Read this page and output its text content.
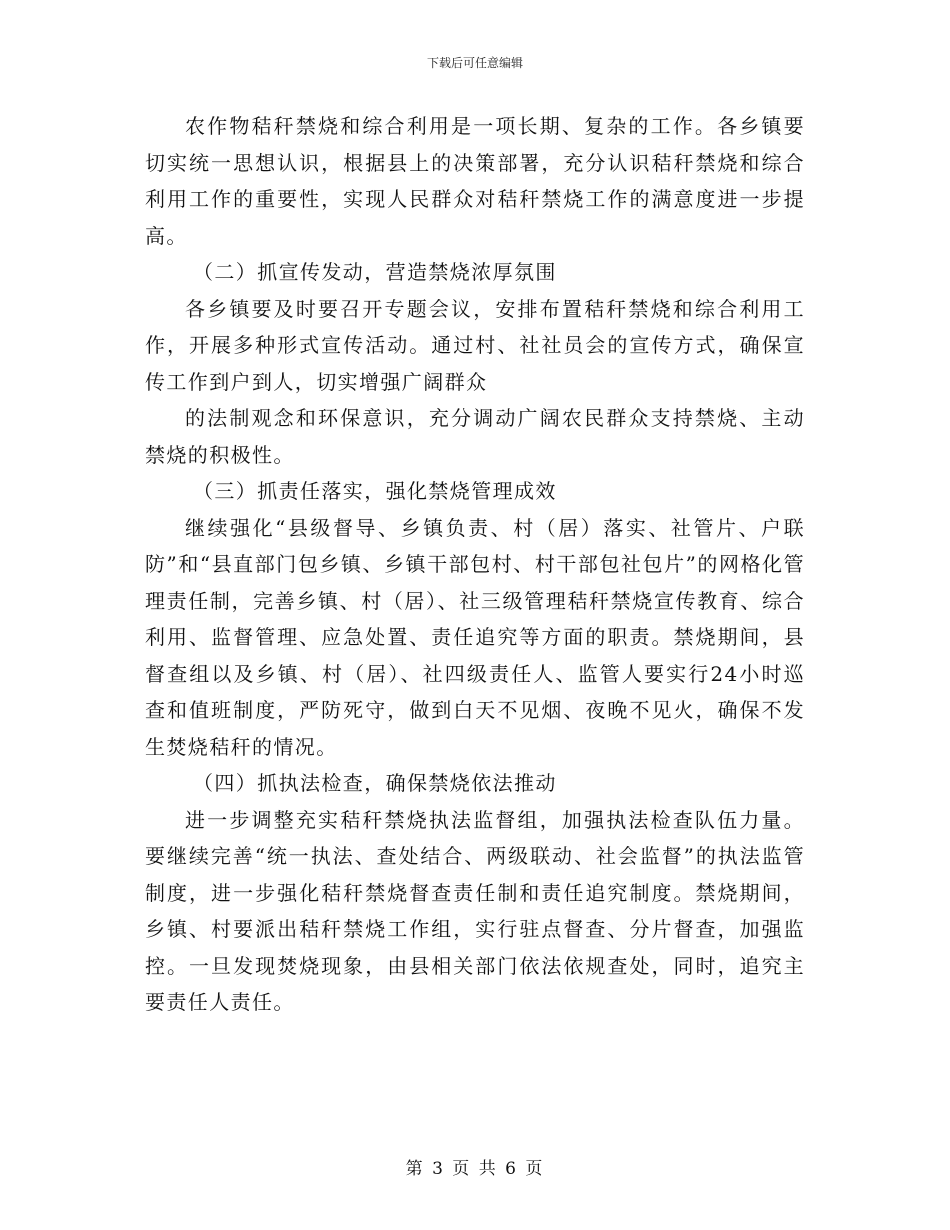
下载后可任意编辑

农作物秸秆禁烧和综合利用是一项长期、复杂的工作。各乡镇要切实统一思想认识，根据县上的决策部署，充分认识秸秆禁烧和综合利用工作的重要性，实现人民群众对秸秆禁烧工作的满意度进一步提高。

（二）抓宣传发动，营造禁烧浓厚氛围

各乡镇要及时要召开专题会议，安排布置秸秆禁烧和综合利用工作，开展多种形式宣传活动。通过村、社社员会的宣传方式，确保宣传工作到户到人，切实增强广阔群众

的法制观念和环保意识，充分调动广阔农民群众支持禁烧、主动禁烧的积极性。

（三）抓责任落实，强化禁烧管理成效

继续强化“县级督导、乡镇负责、村（居）落实、社管片、户联防”和“县直部门包乡镇、乡镇干部包村、村干部包社包片”的网格化管理责任制，完善乡镇、村（居）、社三级管理秸秆禁烧宣传教育、综合利用、监督管理、应急处置、责任追究等方面的职责。禁烧期间，县督查组以及乡镇、村（居）、社四级责任人、监管人要实行24小时巡查和值班制度，严防死守，做到白天不见烟、夜晚不见火，确保不发生焚烧秸秆的情况。

（四）抓执法检查，确保禁烧依法推动

进一步调整充实秸秆禁烧执法监督组，加强执法检查队伍力量。要继续完善“统一执法、查处结合、两级联动、社会监督”的执法监管制度，进一步强化秸秆禁烧督查责任制和责任追究制度。禁烧期间，乡镇、村要派出秸秆禁烧工作组，实行驻点督查、分片督查，加强监控。一旦发现焚烧现象，由县相关部门依法依规查处，同时，追究主要责任人责任。

第 3 页 共 6 页
